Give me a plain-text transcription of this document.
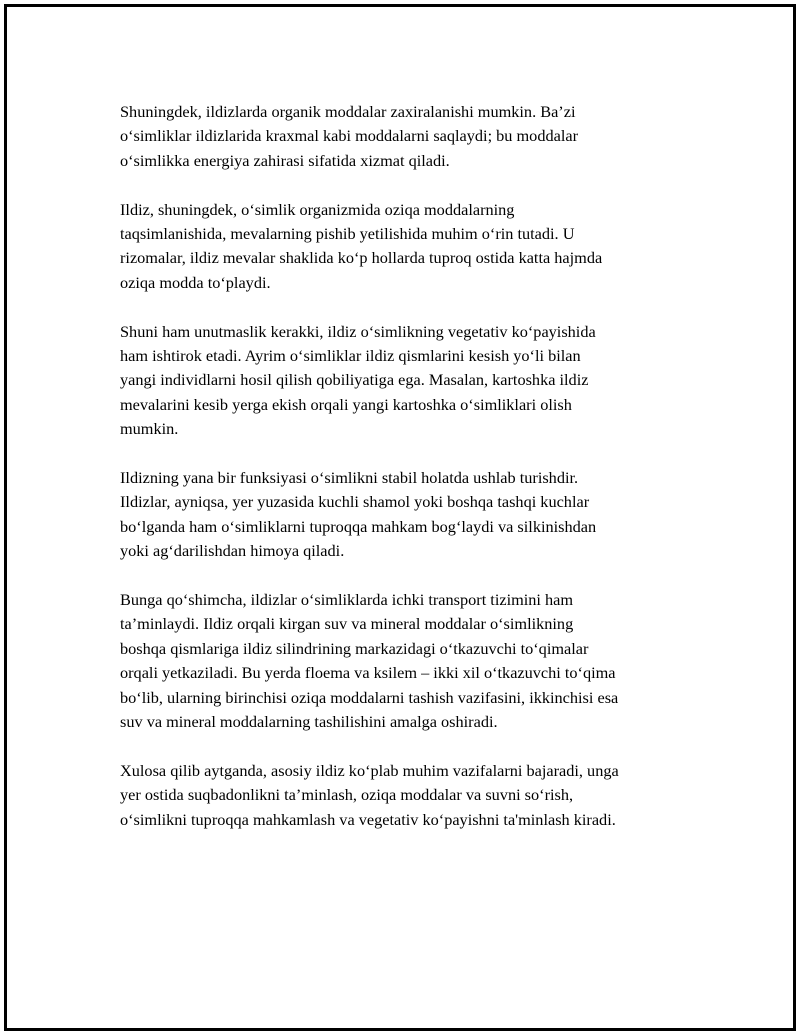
Shuningdek, ildizlarda organik moddalar zaxiralanishi mumkin. Ba’zi
o‘simliklar ildizlarida kraxmal kabi moddalarni saqlaydi; bu moddalar
o‘simlikka energiya zahirasi sifatida xizmat qiladi.

Ildiz, shuningdek, o‘simlik organizmida oziqa moddalarning
taqsimlanishida, mevalarning pishib yetilishida muhim o‘rin tutadi. U
rizomalar, ildiz mevalar shaklida ko‘p hollarda tuproq ostida katta hajmda
oziqa modda to‘playdi.

Shuni ham unutmaslik kerakki, ildiz o‘simlikning vegetativ ko‘payishida
ham ishtirok etadi. Ayrim o‘simliklar ildiz qismlarini kesish yo‘li bilan
yangi individlarni hosil qilish qobiliyatiga ega. Masalan, kartoshka ildiz
mevalarini kesib yerga ekish orqali yangi kartoshka o‘simliklari olish
mumkin.

Ildizning yana bir funksiyasi o‘simlikni stabil holatda ushlab turishdir.
Ildizlar, ayniqsa, yer yuzasida kuchli shamol yoki boshqa tashqi kuchlar
bo‘lganda ham o‘simliklarni tuproqqa mahkam bog‘laydi va silkinishdan
yoki ag‘darilishdan himoya qiladi.

Bunga qo‘shimcha, ildizlar o‘simliklarda ichki transport tizimini ham
ta’minlaydi. Ildiz orqali kirgan suv va mineral moddalar o‘simlikning
boshqa qismlariga ildiz silindrining markazidagi o‘tkazuvchi to‘qimalar
orqali yetkaziladi. Bu yerda floema va ksilem – ikki xil o‘tkazuvchi to‘qima
bo‘lib, ularning birinchisi oziqa moddalarni tashish vazifasini, ikkinchisi esa
suv va mineral moddalarning tashilishini amalga oshiradi.

Xulosa qilib aytganda, asosiy ildiz ko‘plab muhim vazifalarni bajaradi, unga
yer ostida suqbadonlikni ta’minlash, oziqa moddalar va suvni so‘rish,
o‘simlikni tuproqqa mahkamlash va vegetativ ko‘payishni ta'minlash kiradi.
